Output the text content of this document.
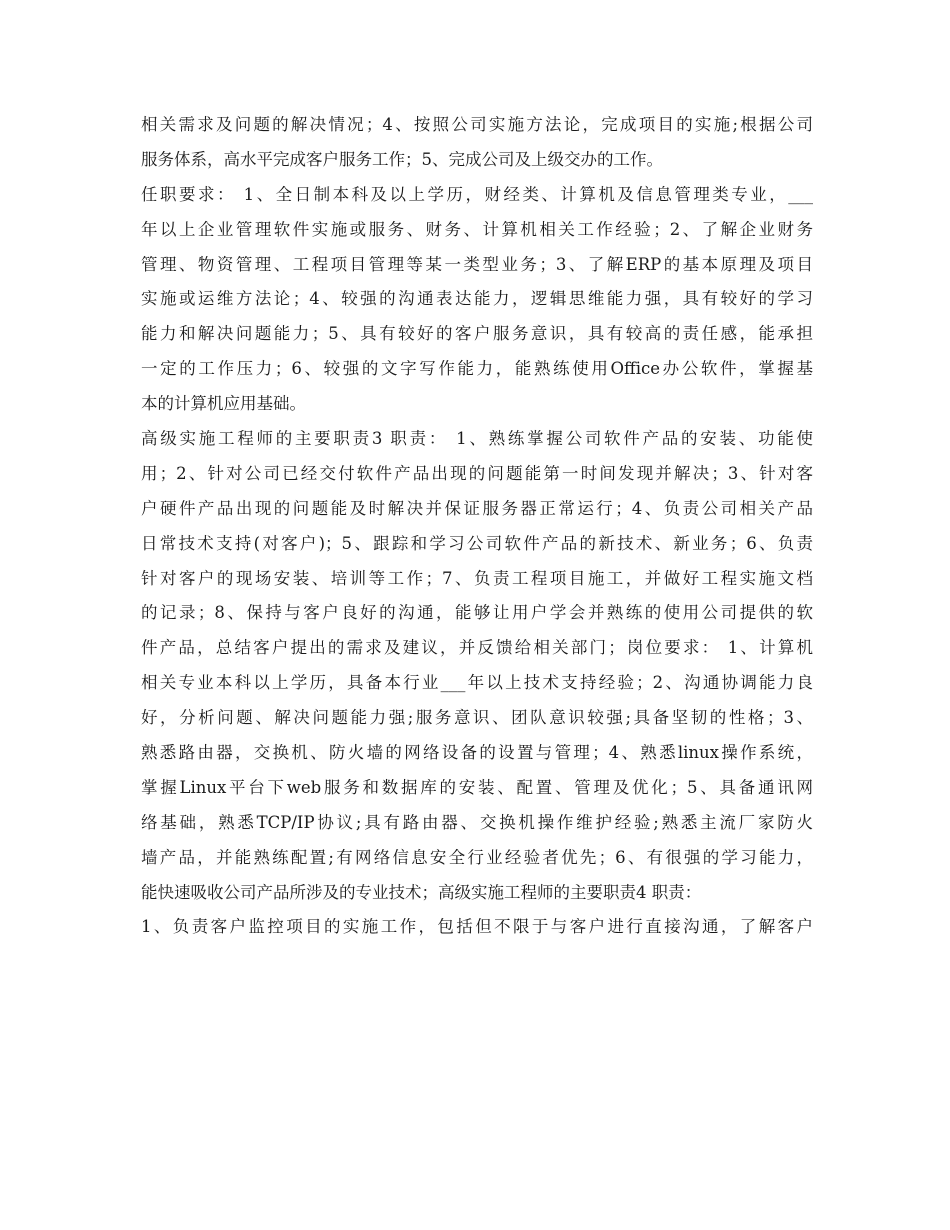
相关需求及问题的解决情况；4、按照公司实施方法论，完成项目的实施;根据公司
服务体系，高水平完成客户服务工作；5、完成公司及上级交办的工作。
任职要求： 1、全日制本科及以上学历，财经类、计算机及信息管理类专业，___
年以上企业管理软件实施或服务、财务、计算机相关工作经验；2、了解企业财务
管理、物资管理、工程项目管理等某一类型业务；3、了解ERP的基本原理及项目
实施或运维方法论；4、较强的沟通表达能力，逻辑思维能力强，具有较好的学习
能力和解决问题能力；5、具有较好的客户服务意识，具有较高的责任感，能承担
一定的工作压力；6、较强的文字写作能力，能熟练使用Office办公软件，掌握基
本的计算机应用基础。
高级实施工程师的主要职责3 职责： 1、熟练掌握公司软件产品的安装、功能使
用；2、针对公司已经交付软件产品出现的问题能第一时间发现并解决；3、针对客
户硬件产品出现的问题能及时解决并保证服务器正常运行；4、负责公司相关产品
日常技术支持(对客户)；5、跟踪和学习公司软件产品的新技术、新业务；6、负责
针对客户的现场安装、培训等工作；7、负责工程项目施工，并做好工程实施文档
的记录；8、保持与客户良好的沟通，能够让用户学会并熟练的使用公司提供的软
件产品，总结客户提出的需求及建议，并反馈给相关部门；岗位要求： 1、计算机
相关专业本科以上学历，具备本行业___年以上技术支持经验；2、沟通协调能力良
好，分析问题、解决问题能力强;服务意识、团队意识较强;具备坚韧的性格；3、
熟悉路由器，交换机、防火墙的网络设备的设置与管理；4、熟悉linux操作系统，
掌握Linux平台下web服务和数据库的安装、配置、管理及优化；5、具备通讯网
络基础，熟悉TCP/IP协议;具有路由器、交换机操作维护经验;熟悉主流厂家防火
墙产品，并能熟练配置;有网络信息安全行业经验者优先；6、有很强的学习能力，
能快速吸收公司产品所涉及的专业技术；高级实施工程师的主要职责4 职责：
1、负责客户监控项目的实施工作，包括但不限于与客户进行直接沟通，了解客户
